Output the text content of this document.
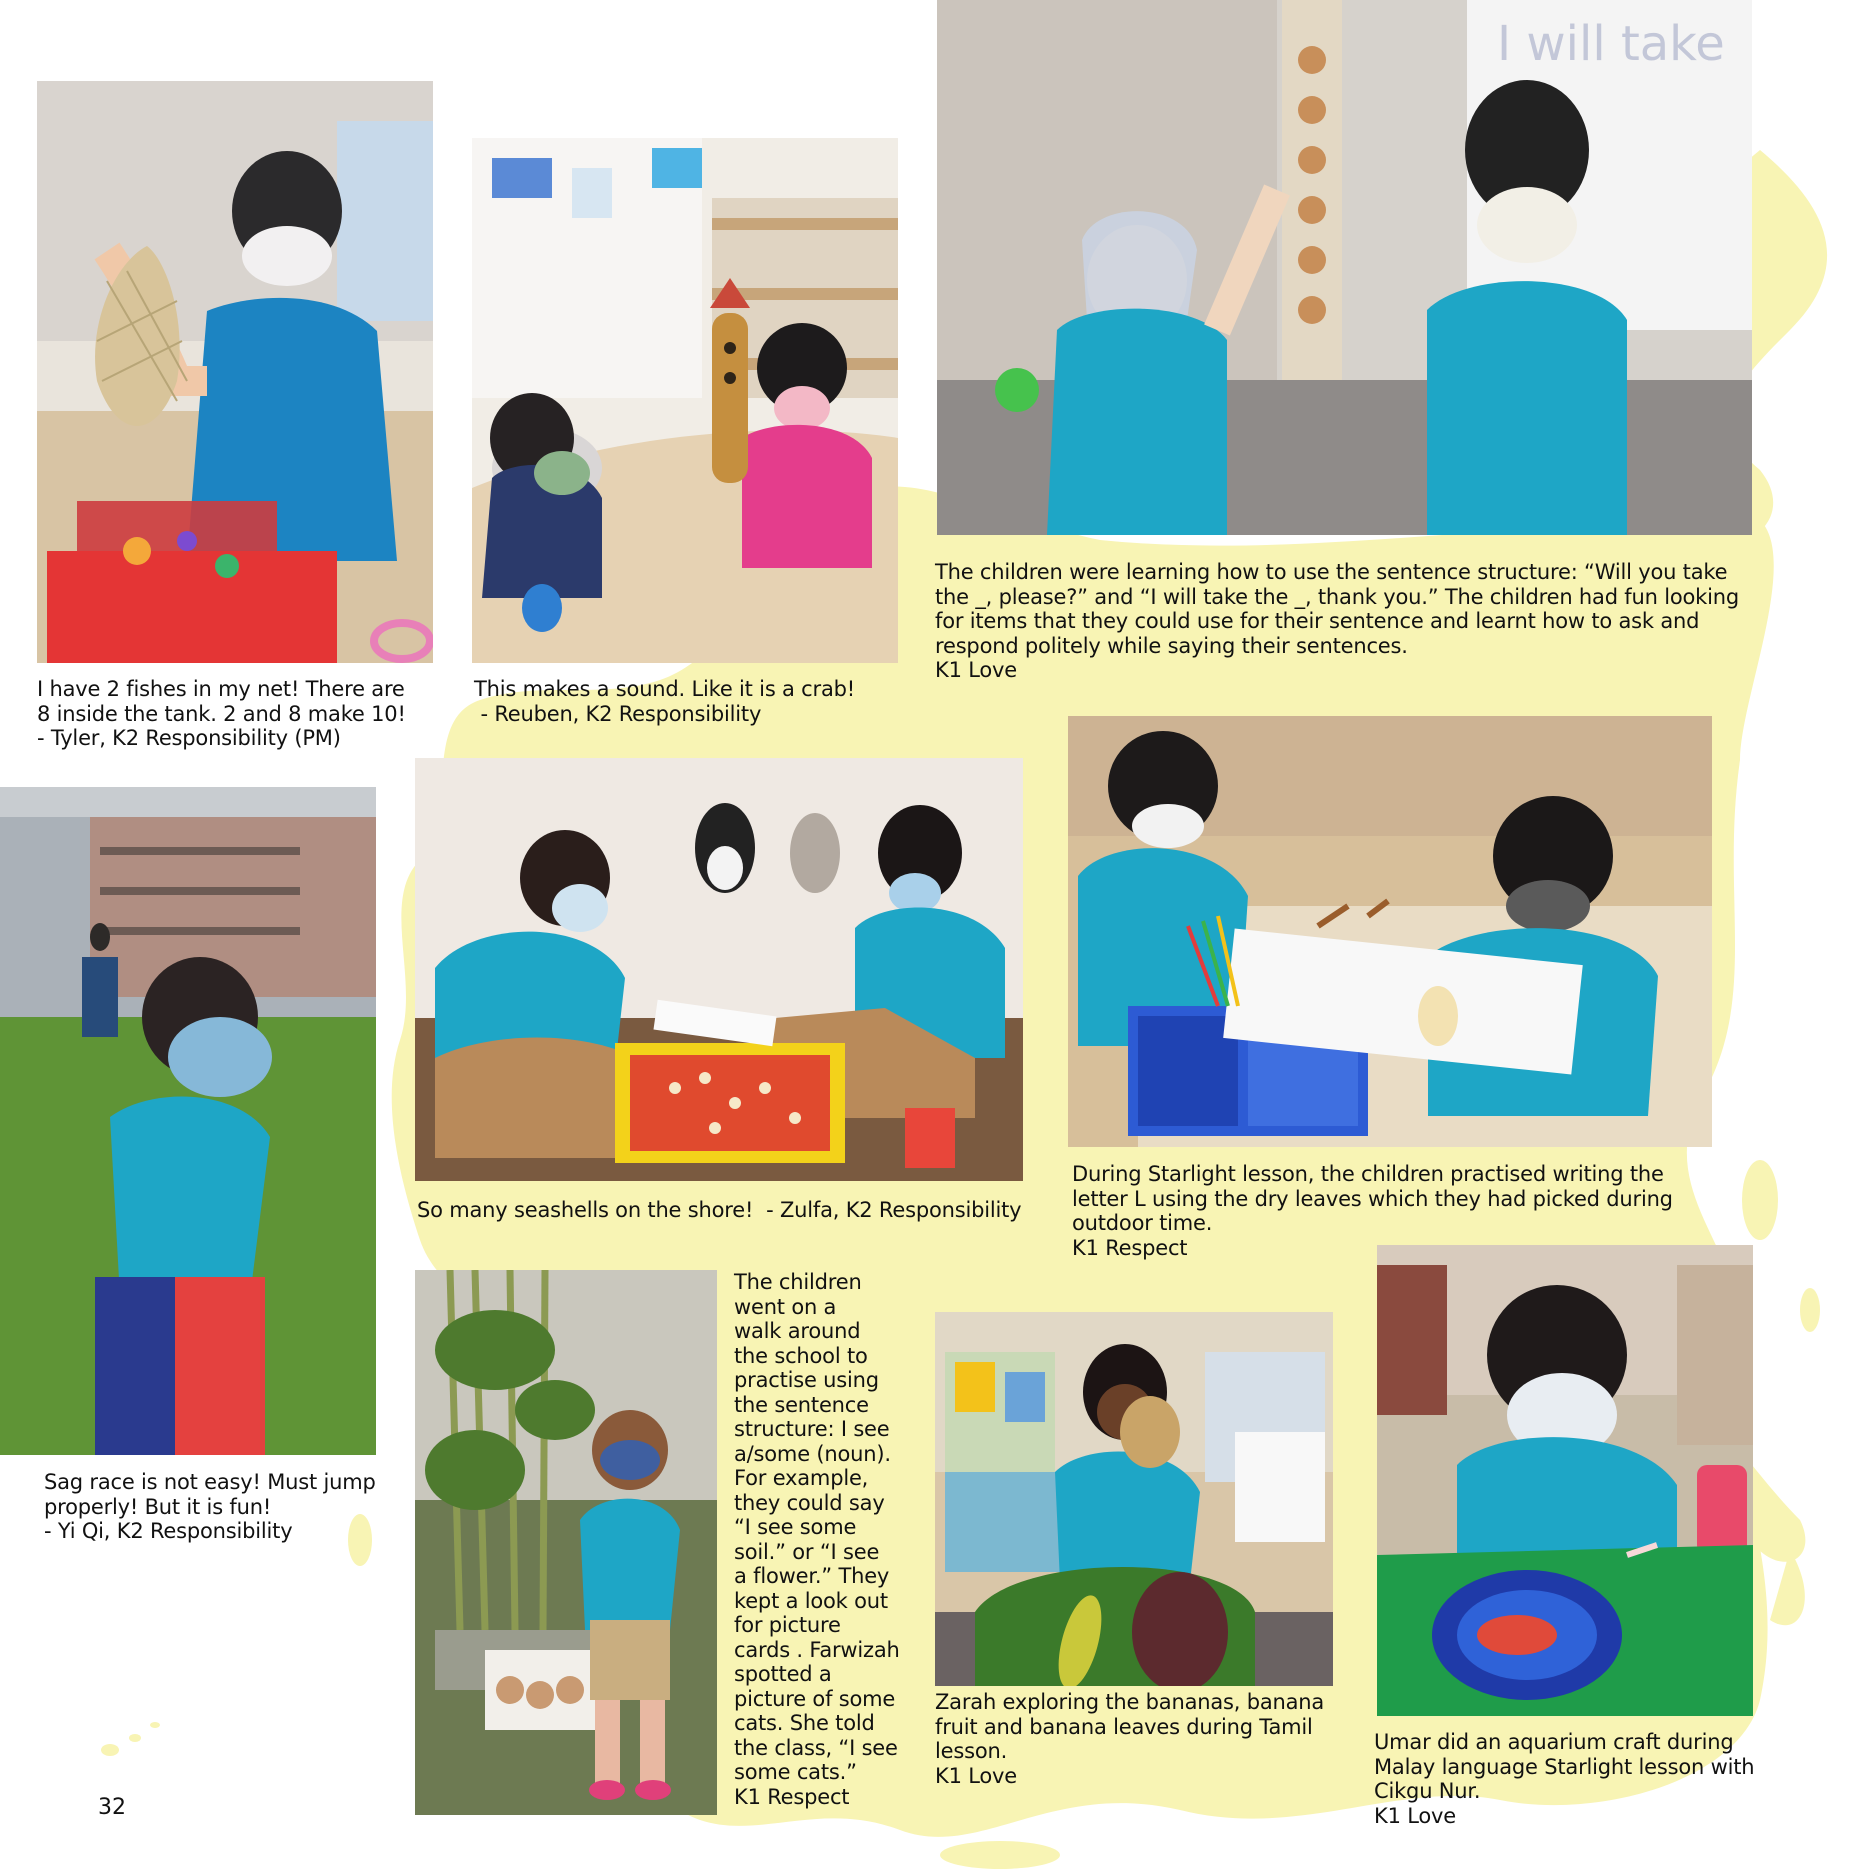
I will take
I have 2 fishes in my net! There are
8 inside the tank. 2 and 8 make 10!
- Tyler, K2 Responsibility (PM)
This makes a sound. Like it is a crab!
- Reuben, K2 Responsibility
The children were learning how to use the sentence structure: “Will you take
the _, please?” and “I will take the _, thank you.” The children had fun looking
for items that they could use for their sentence and learnt how to ask and
respond politely while saying their sentences.
K1 Love
Sag race is not easy! Must jump
properly! But it is fun!
- Yi Qi, K2 Responsibility
So many seashells on the shore!  - Zulfa, K2 Responsibility
During Starlight lesson, the children practised writing the
letter L using the dry leaves which they had picked during
outdoor time.
K1 Respect
The children
went on a
walk around
the school to
practise using
the sentence
structure: I see
a/some (noun).
For example,
they could say
“I see some
soil.” or “I see
a flower.” They
kept a look out
for picture
cards . Farwizah
spotted a
picture of some
cats. She told
the class, “I see
some cats.”
K1 Respect
Zarah exploring the bananas, banana
fruit and banana leaves during Tamil
lesson.
K1 Love
Umar did an aquarium craft during
Malay language Starlight lesson with
Cikgu Nur.
K1 Love
32
